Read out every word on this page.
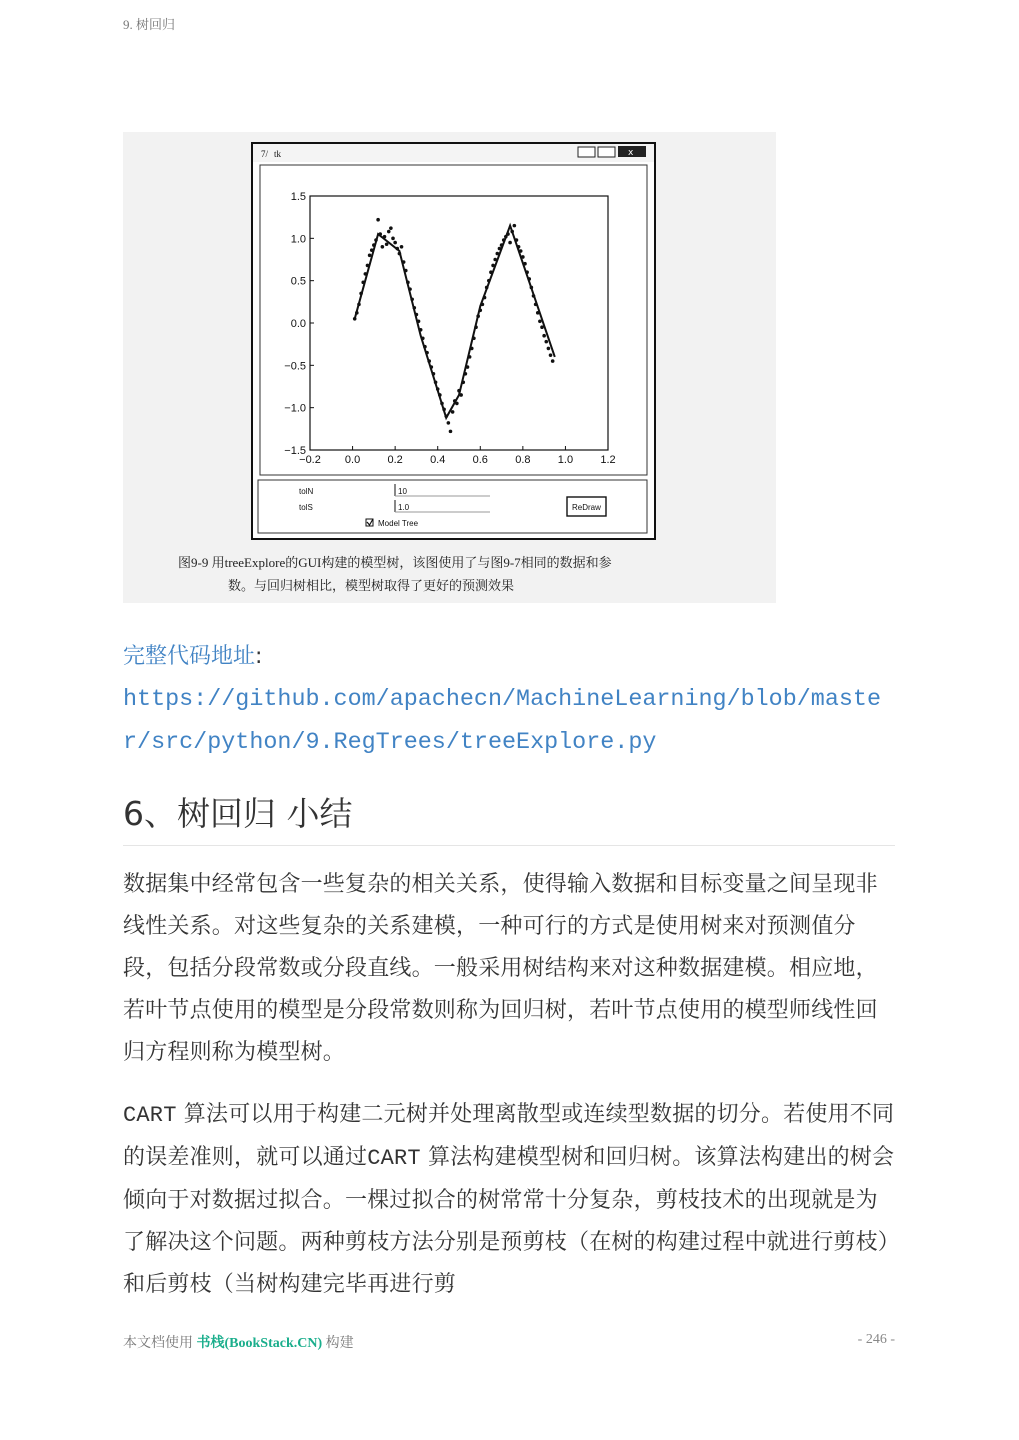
9. 树回归
7/ tk	x
−0.2 0.0 0.2 0.4 0.6 0.8 1.0 1.2
1.5
1.0
0.5
0.0
−0.5
−1.0
−1.5
tolN	10
tolS	1.0	ReDraw
Model Tree
图9-9 用treeExplore的GUI构建的模型树，该图使用了与图9-7相同的数据和参
数。与回归树相比，模型树取得了更好的预测效果
完整代码地址:
https://github.com/apachecn/MachineLearning/blob/master/src/python/9.RegTrees/treeExplore.py
6、树回归 小结

数据集中经常包含一些复杂的相关关系，使得输入数据和目标变量之间呈现非线性关系。对这些复杂的关系建模，一种可行的方式是使用树来对预测值分段，包括分段常数或分段直线。一般采用树结构来对这种数据建模。相应地，若叶节点使用的模型是分段常数则称为回归树，若叶节点使用的模型师线性回归方程则称为模型树。

CART 算法可以用于构建二元树并处理离散型或连续型数据的切分。若使用不同的误差准则，就可以通过CART 算法构建模型树和回归树。该算法构建出的树会倾向于对数据过拟合。一棵过拟合的树常常十分复杂，剪枝技术的出现就是为了解决这个问题。两种剪枝方法分别是预剪枝（在树的构建过程中就进行剪枝）和后剪枝（当树构建完毕再进行剪

本文档使用 书栈(BookStack.CN) 构建	- 246 -
